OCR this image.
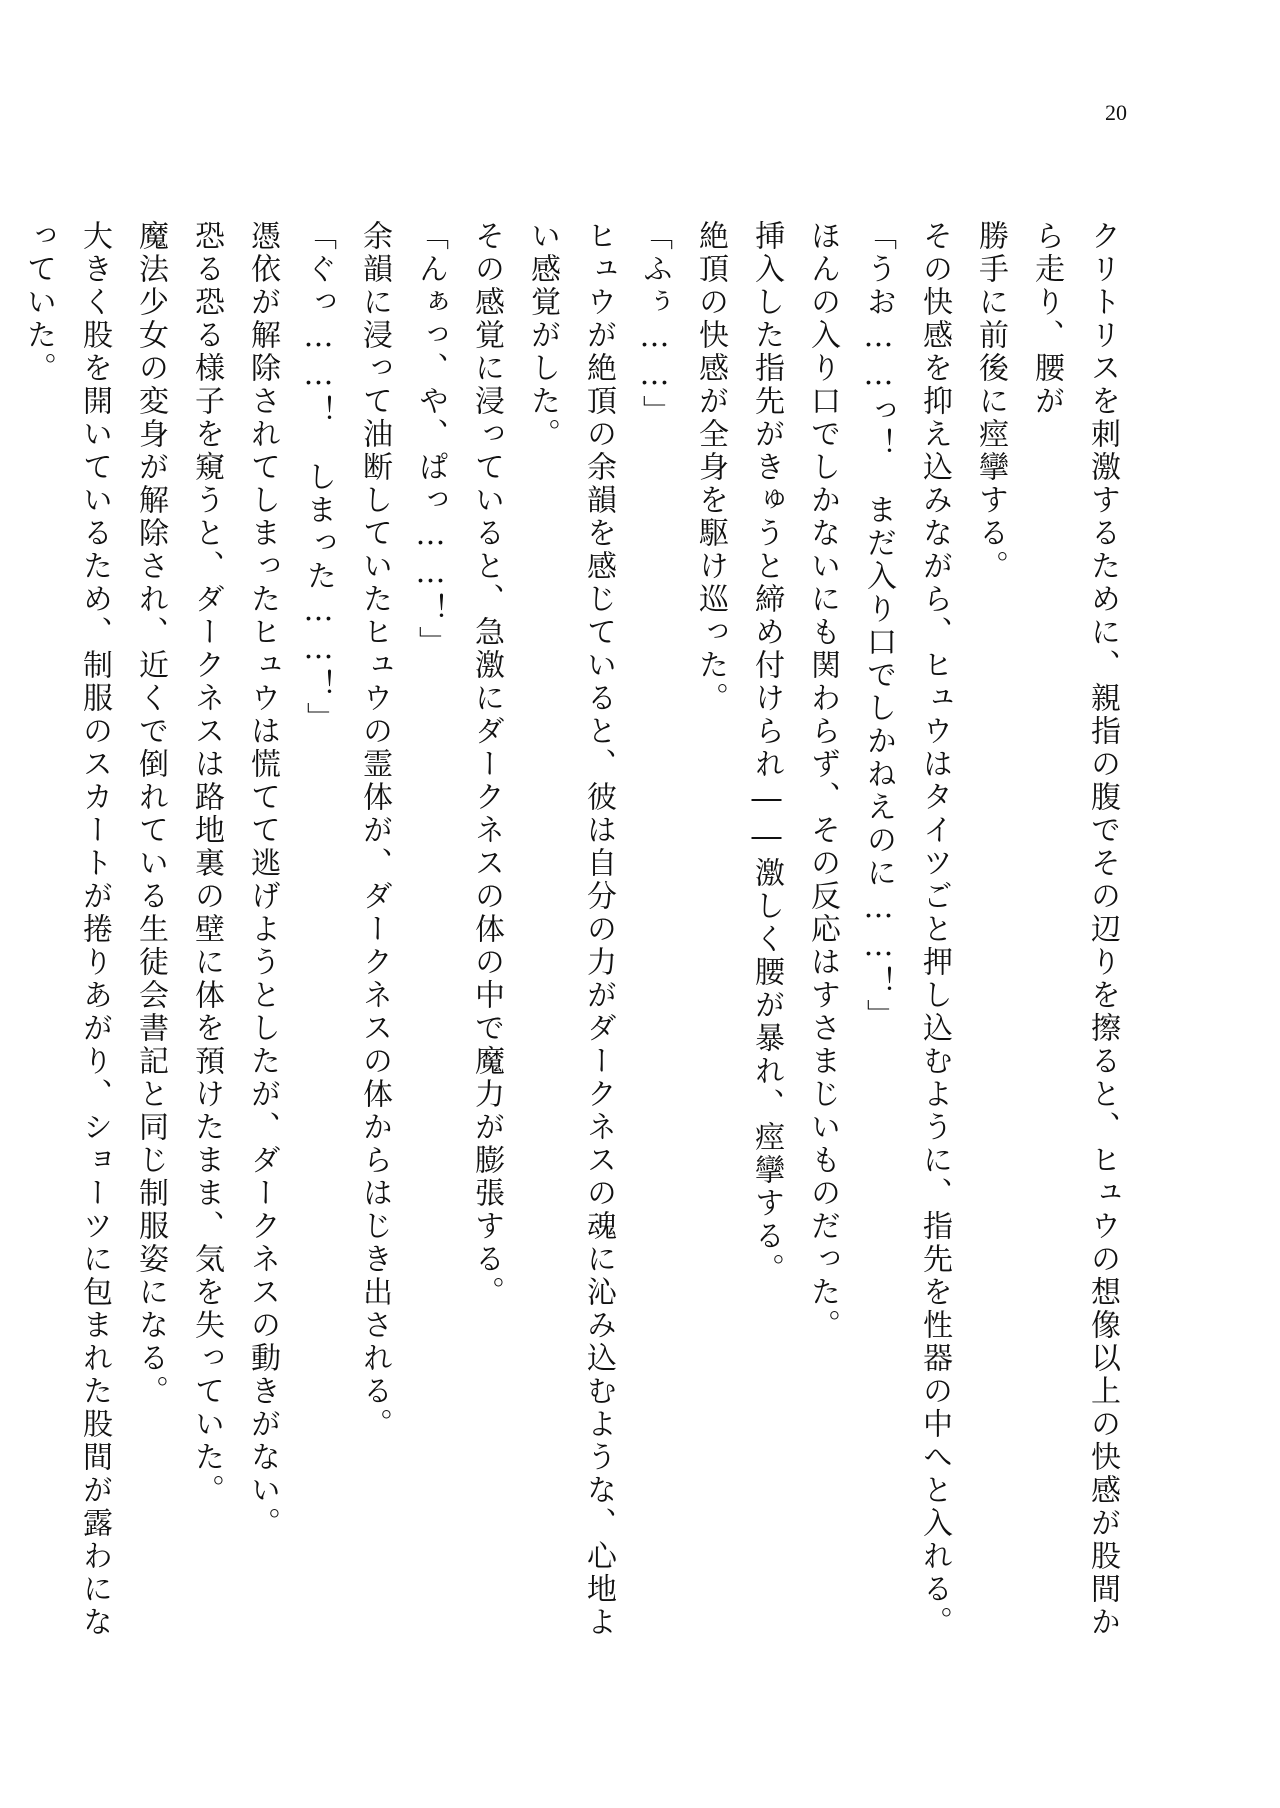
20
クリトリスを刺激するために、親指の腹でその辺りを擦ると、ヒュウの想像以上の快感が股間から走り、腰が
勝手に前後に痙攣する。
その快感を抑え込みながら、ヒュウはタイツごと押し込むように、指先を性器の中へと入れる。
「うお……っ！　まだ入り口でしかねえのに……！」
ほんの入り口でしかないにも関わらず、その反応はすさまじいものだった。
挿入した指先がきゅうと締め付けられ――激しく腰が暴れ、痙攣する。
絶頂の快感が全身を駆け巡った。
「ふぅ……」
ヒュウが絶頂の余韻を感じていると、彼は自分の力がダークネスの魂に沁み込むような、心地よい感覚がした。
その感覚に浸っていると、急激にダークネスの体の中で魔力が膨張する。
「んぁっ、や、ぱっ……！」
余韻に浸って油断していたヒュウの霊体が、ダークネスの体からはじき出される。
「ぐっ……！　しまった……！」
憑依が解除されてしまったヒュウは慌てて逃げようとしたが、ダークネスの動きがない。
恐る恐る様子を窺うと、ダークネスは路地裏の壁に体を預けたまま、気を失っていた。
魔法少女の変身が解除され、近くで倒れている生徒会書記と同じ制服姿になる。
大きく股を開いているため、制服のスカートが捲りあがり、ショーツに包まれた股間が露わになっていた。
